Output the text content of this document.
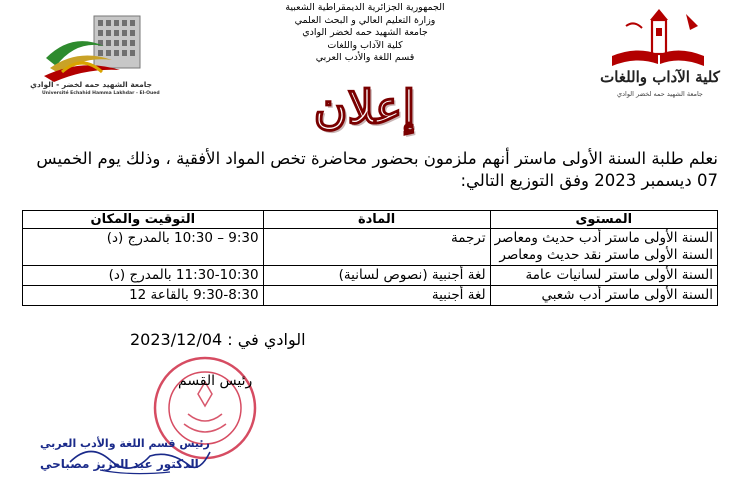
الجمهورية الجزائرية الديمقراطية الشعبية
وزارة التعليم العالي و البحث العلمي
جامعة الشهيد حمه لخضر الوادي
كلية الآداب واللغات
قسم اللغة والأدب العربي
كلية الآداب واللغات
جامعة الشهيد حمه لخضر الوادي
جامعة الشهيد حمه لخضر - الوادي
Université Echahid Hamma Lakhdar - El-Oued	إعلان
نعلم طلبة السنة الأولى ماستر أنهم ملزمون بحضور محاضرة تخص المواد الأفقية ، وذلك يوم الخميس 07 ديسمبر 2023 وفق التوزيع التالي:
المستوى	المادة	التوقيت والمكان

السنة الأولى ماستر أدب حديث ومعاصر
السنة الأولى ماستر نقد حديث ومعاصر	ترجمة	9:30 – 10:30 بالمدرج (د)

السنة الأولى ماستر لسانيات عامة	لغة أجنبية (نصوص لسانية)	11:30-10:30 بالمدرج (د)

السنة الأولى ماستر أدب شعبي	لغة أجنبية	9:30-8:30 بالقاعة 12
الوادي في : 2023/12/04
رئيس القسم
رئيس قسم اللغة والأدب العربي
الدكتور عبد العزيز مصباحي
